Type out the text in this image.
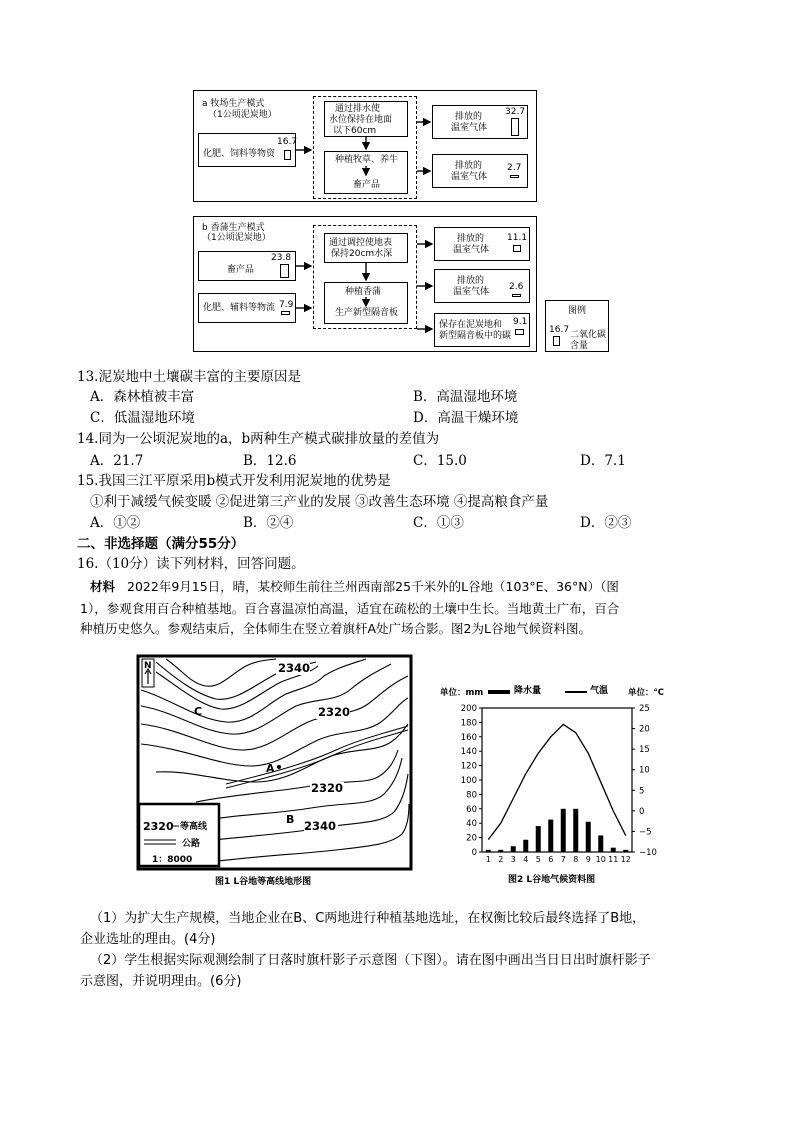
a 牧场生产模式
（1公顷泥炭地）
化肥、饲料等物资
16.7
通过排水使
水位保持在地面
以下60cm
种植牧草、养牛
畜产品
排放的
温室气体
32.7
排放的
温室气体
2.7
b 香蒲生产模式
（1公顷泥炭地）
畜产品
23.8
化肥、辅料等物流 7.9
通过调控使地表
保持20cm水深
种植香蒲
生产新型隔音板
排放的
温室气体
11.1
排放的
温室气体 2.6
保存在泥炭地和
新型隔音板中的碳
9.1
图例
16.7 二氧化碳
含量
13.泥炭地中土壤碳丰富的主要原因是
A．森林植被丰富	B．高温湿地环境
C．低温湿地环境	D．高温干燥环境
14.同为一公顷泥炭地的a，b两种生产模式碳排放量的差值为
A．21.7	B．12.6	C．15.0	D．7.1
15.我国三江平原采用b模式开发利用泥炭地的优势是
①利于减缓气候变暖 ②促进第三产业的发展 ③改善生态环境 ④提高粮食产量
A．①②	B．②④	C．①③	D．②③
二、非选择题（满分55分）
16.（10分）读下列材料，回答问题。
材料 2022年9月15日，晴，某校师生前往兰州西南部25千米外的L谷地（103°E、36°N）（图
1），参观食用百合种植基地。百合喜温凉怕高温，适宜在疏松的土壤中生长。当地黄土广布，百合
种植历史悠久。参观结束后，全体师生在竖立着旗杆A处广场合影。图2为L谷地气候资料图。
N	2340
2320
C
A
2320
B 2340
2320 等高线
公路
1：8000
图1 L谷地等高线地形图
单位：mm	降水量	气温 单位：°C
0
20
40
60
80
100
120
140
160
180
200	25
20
15
10
5
0
−5
−10
1 2 3 4 5 6 7 8 9 10 11 12
图2 L谷地气候资料图
（1）为扩大生产规模，当地企业在B、C两地进行种植基地选址，在权衡比较后最终选择了B地，
企业选址的理由。(4分)
（2）学生根据实际观测绘制了日落时旗杆影子示意图（下图）。请在图中画出当日日出时旗杆影子
示意图，并说明理由。(6分)
